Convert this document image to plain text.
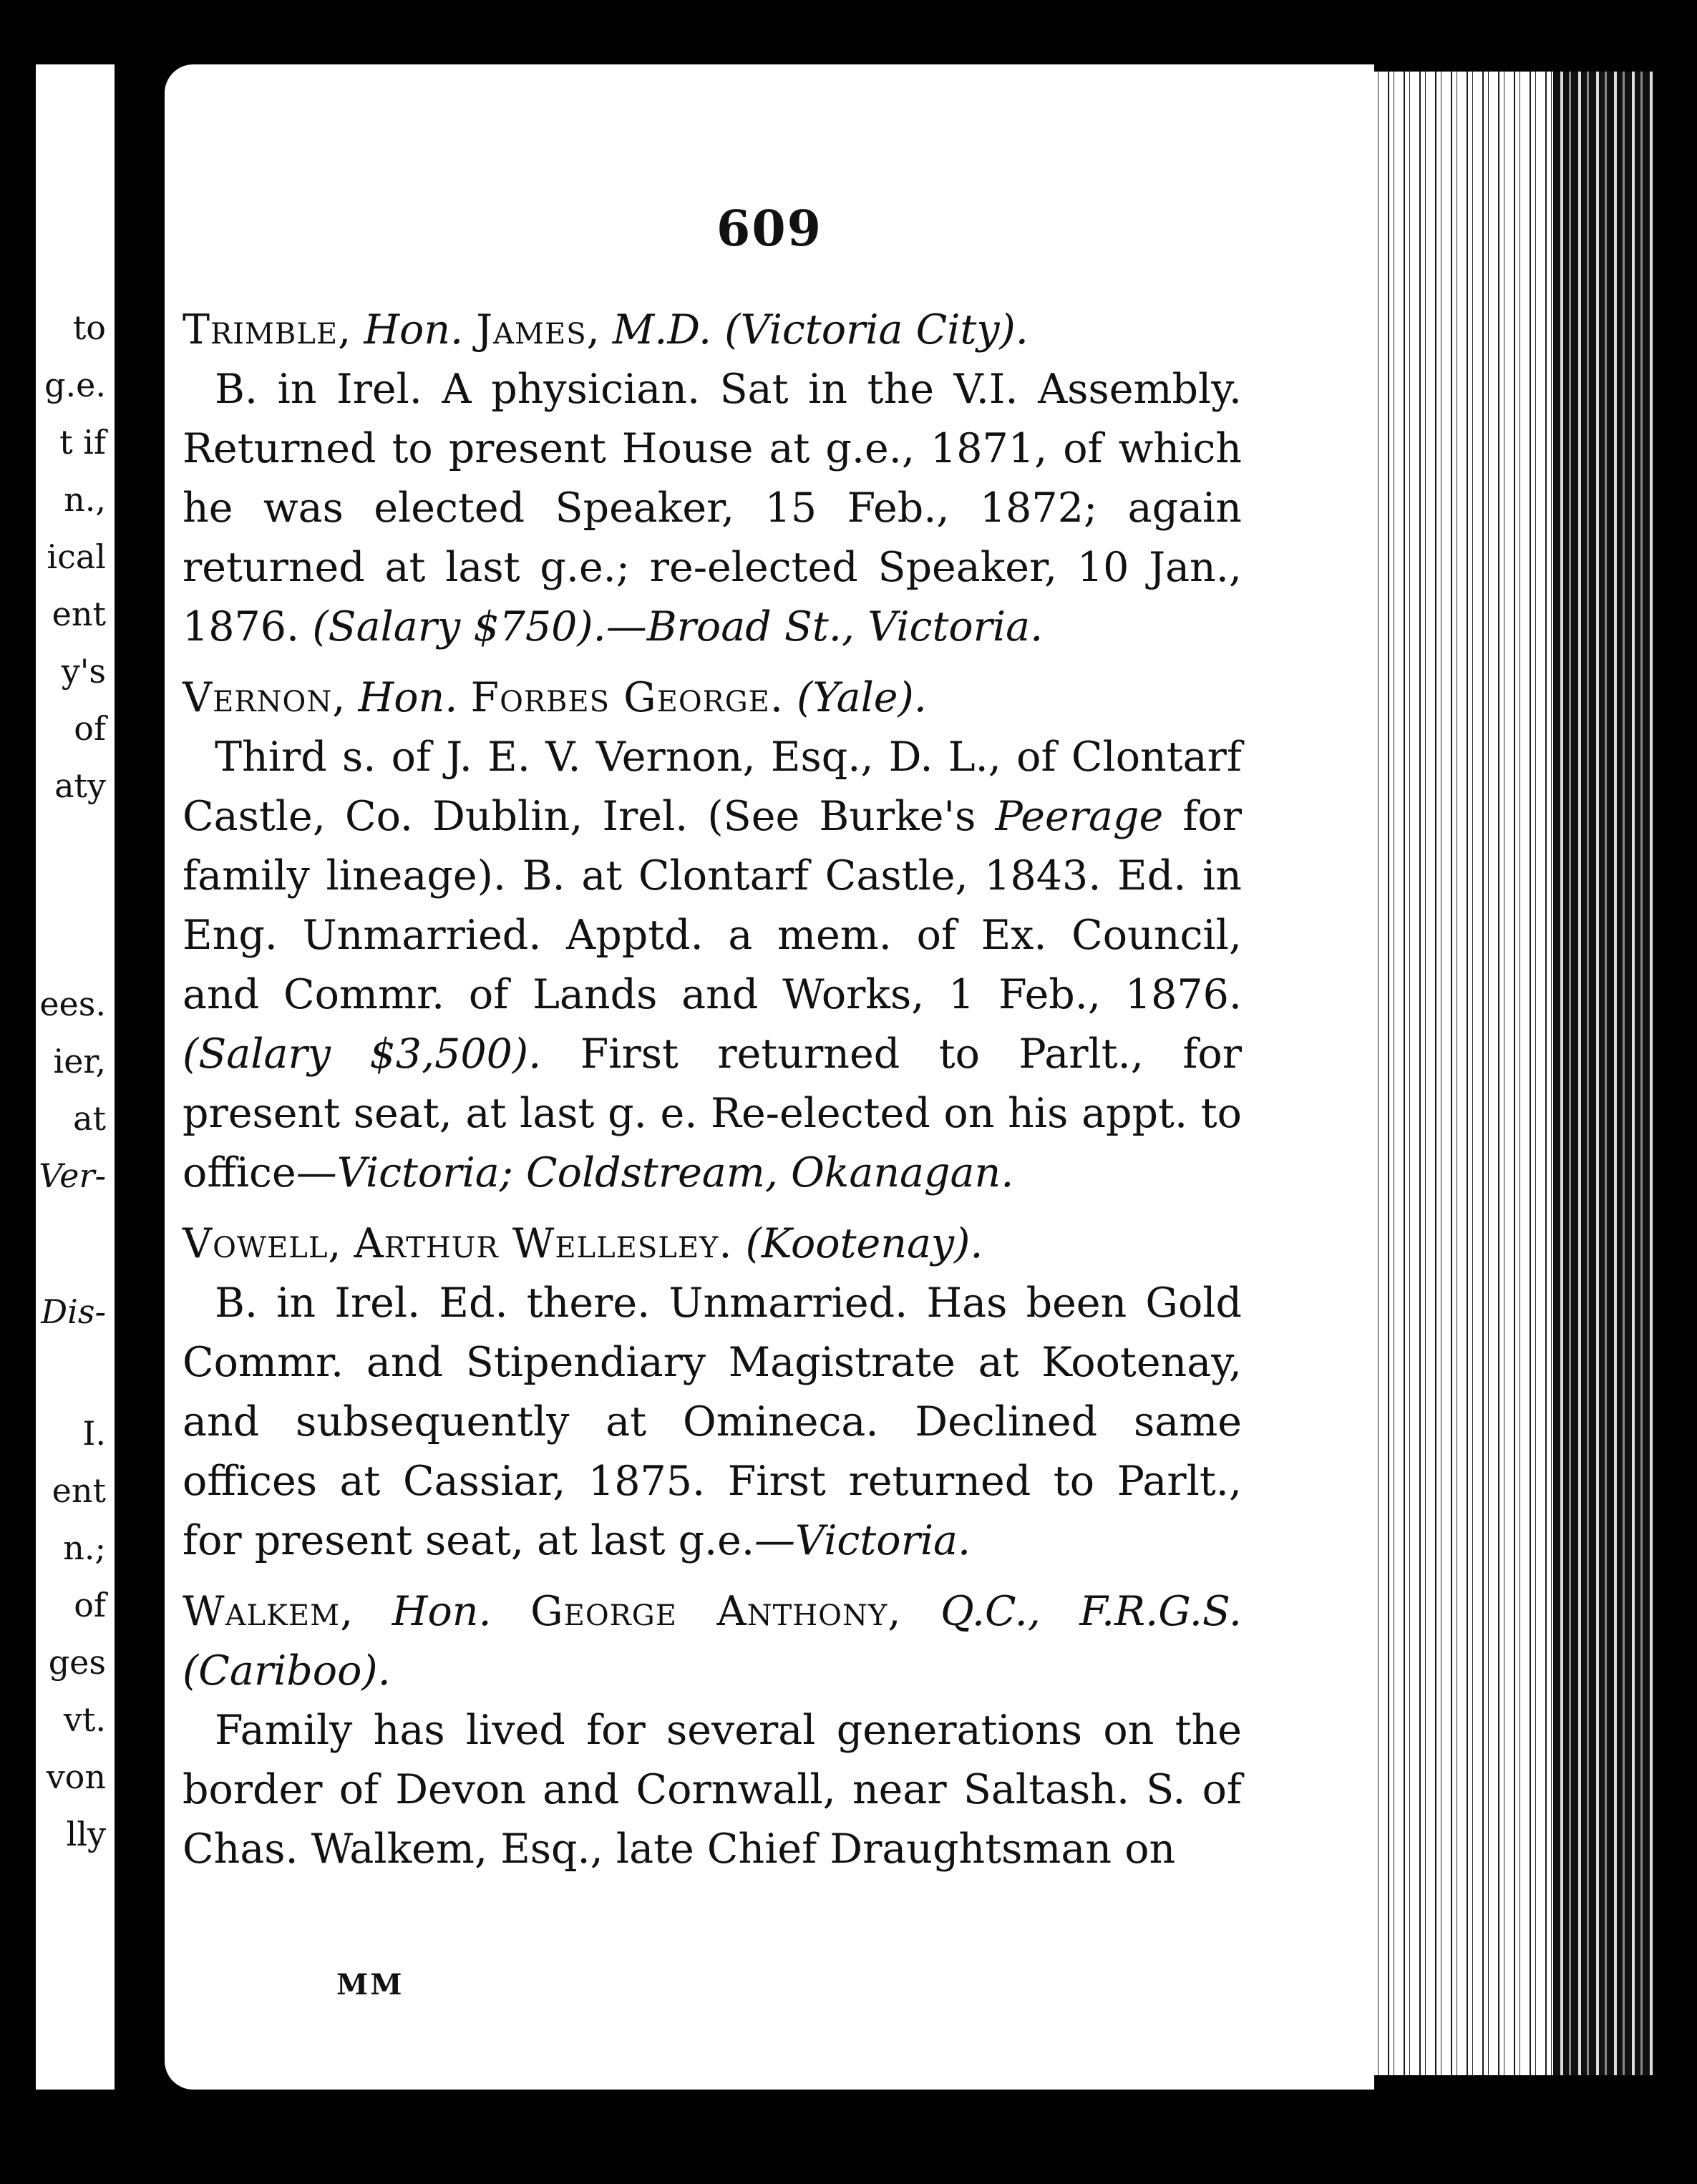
to
g.e.
t if
n.,
ical
ent
y's
of
aty
ees.
ier,
at
Ver-
Dis-
I.
ent
n.;
of
ges
vt.
von
lly
609
Trimble, Hon. James, M.D. (Victoria City).
B. in Irel. A physician. Sat in the V.I. Assembly. Returned to present House at g.e., 1871, of which he was elected Speaker, 15 Feb., 1872; again returned at last g.e.; re-elected Speaker, 10 Jan., 1876. (Salary $750).—Broad St., Victoria.
Vernon, Hon. Forbes George. (Yale).
Third s. of J. E. V. Vernon, Esq., D. L., of Clontarf Castle, Co. Dublin, Irel. (See Burke's Peerage for family lineage). B. at Clontarf Castle, 1843. Ed. in Eng. Unmarried. Apptd. a mem. of Ex. Council, and Commr. of Lands and Works, 1 Feb., 1876. (Salary $3,500). First returned to Parlt., for present seat, at last g. e. Re-elected on his appt. to office—Victoria; Coldstream, Okanagan.
Vowell, Arthur Wellesley. (Kootenay).
B. in Irel. Ed. there. Unmarried. Has been Gold Commr. and Stipendiary Magistrate at Kootenay, and subsequently at Omineca. Declined same offices at Cassiar, 1875. First returned to Parlt., for present seat, at last g.e.—Victoria.
Walkem, Hon. George Anthony, Q.C., F.R.G.S. (Cariboo).
Family has lived for several generations on the border of Devon and Cornwall, near Saltash. S. of Chas. Walkem, Esq., late Chief Draughtsman on
MM
